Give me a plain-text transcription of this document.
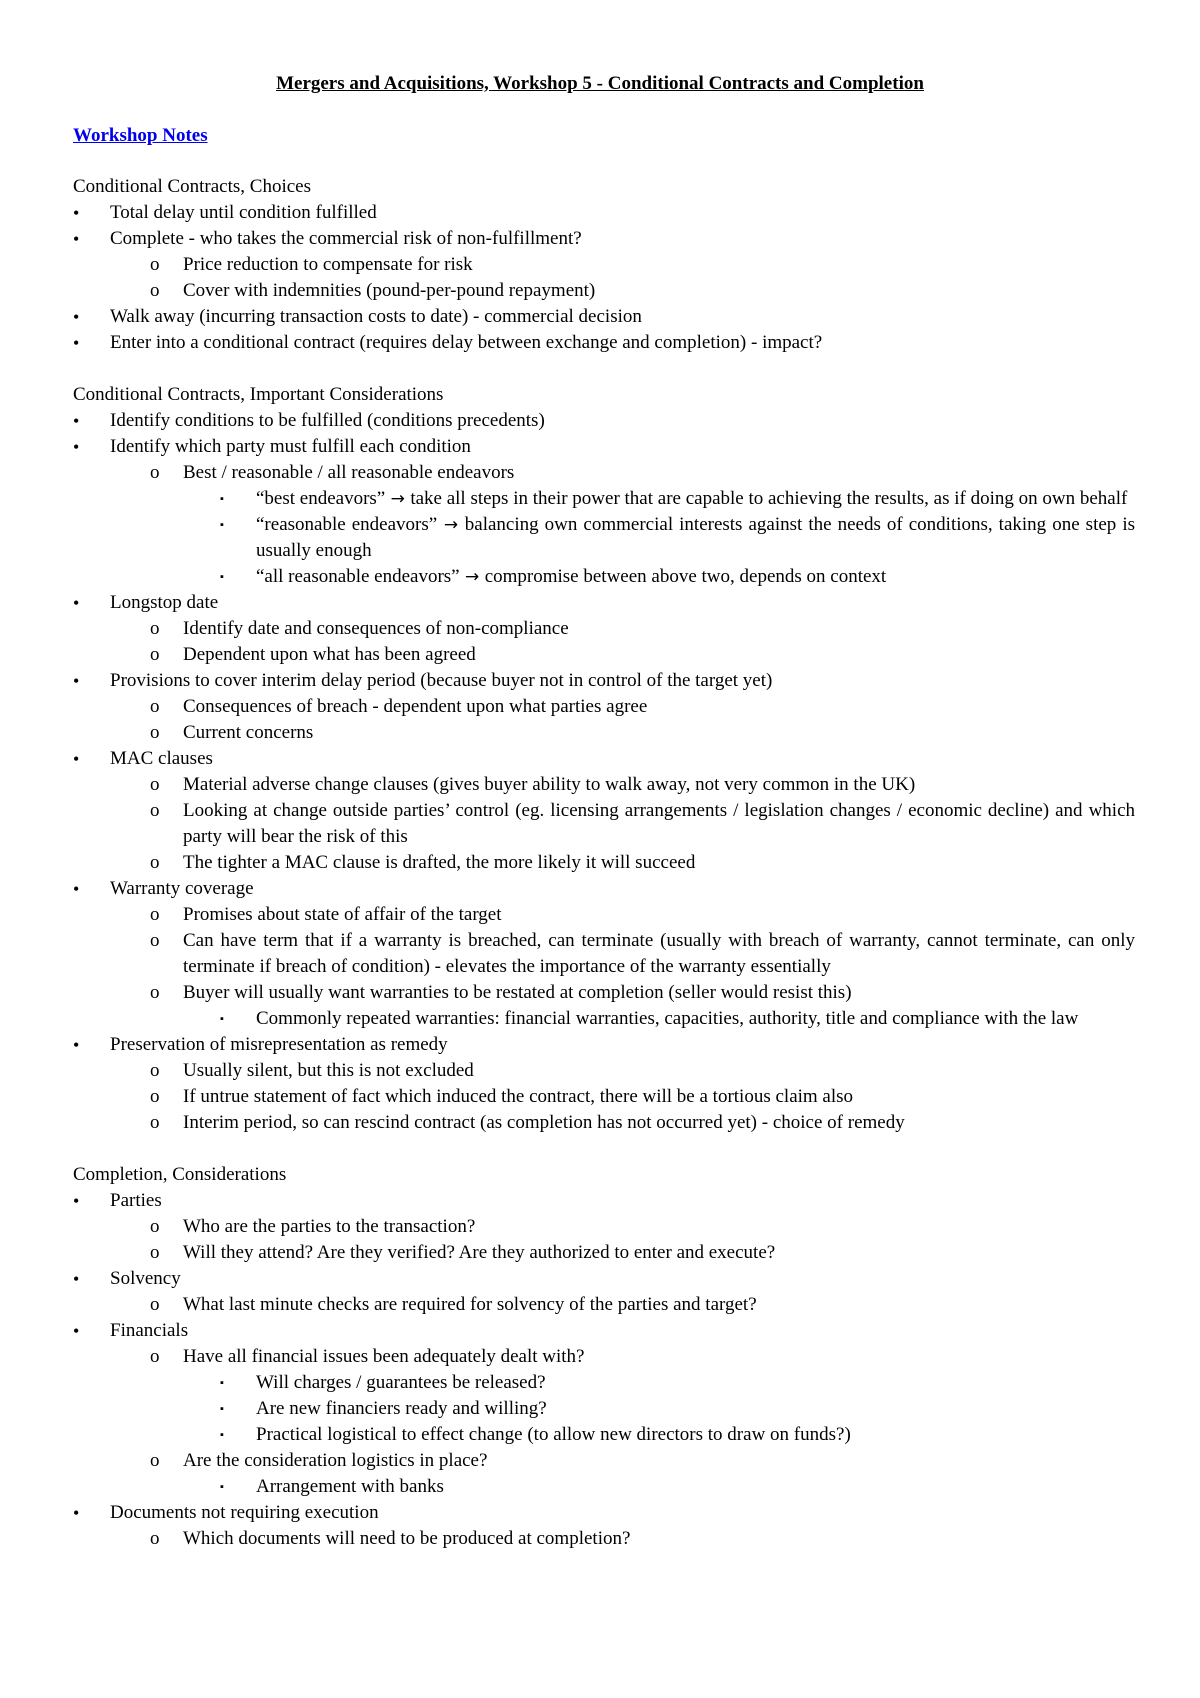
Mergers and Acquisitions, Workshop 5 - Conditional Contracts and Completion
Workshop Notes
Conditional Contracts, Choices
• Total delay until condition fulfilled
• Complete - who takes the commercial risk of non-fulfillment?
o Price reduction to compensate for risk
o Cover with indemnities (pound-per-pound repayment)
• Walk away (incurring transaction costs to date) - commercial decision
• Enter into a conditional contract (requires delay between exchange and completion) - impact?
Conditional Contracts, Important Considerations
• Identify conditions to be fulfilled (conditions precedents)
• Identify which party must fulfill each condition
o Best / reasonable / all reasonable endeavors
▪ “best endeavors” → take all steps in their power that are capable to achieving the results, as if doing on own behalf
▪ “reasonable endeavors” → balancing own commercial interests against the needs of conditions, taking one step is usually enough
▪ “all reasonable endeavors” → compromise between above two, depends on context
• Longstop date
o Identify date and consequences of non-compliance
o Dependent upon what has been agreed
• Provisions to cover interim delay period (because buyer not in control of the target yet)
o Consequences of breach - dependent upon what parties agree
o Current concerns
• MAC clauses
o Material adverse change clauses (gives buyer ability to walk away, not very common in the UK)
o Looking at change outside parties’ control (eg. licensing arrangements / legislation changes / economic decline) and which party will bear the risk of this
o The tighter a MAC clause is drafted, the more likely it will succeed
• Warranty coverage
o Promises about state of affair of the target
o Can have term that if a warranty is breached, can terminate (usually with breach of warranty, cannot terminate, can only terminate if breach of condition) - elevates the importance of the warranty essentially
o Buyer will usually want warranties to be restated at completion (seller would resist this)
▪ Commonly repeated warranties: financial warranties, capacities, authority, title and compliance with the law
• Preservation of misrepresentation as remedy
o Usually silent, but this is not excluded
o If untrue statement of fact which induced the contract, there will be a tortious claim also
o Interim period, so can rescind contract (as completion has not occurred yet) - choice of remedy
Completion, Considerations
• Parties
o Who are the parties to the transaction?
o Will they attend? Are they verified? Are they authorized to enter and execute?
• Solvency
o What last minute checks are required for solvency of the parties and target?
• Financials
o Have all financial issues been adequately dealt with?
▪ Will charges / guarantees be released?
▪ Are new financiers ready and willing?
▪ Practical logistical to effect change (to allow new directors to draw on funds?)
o Are the consideration logistics in place?
▪ Arrangement with banks
• Documents not requiring execution
o Which documents will need to be produced at completion?
